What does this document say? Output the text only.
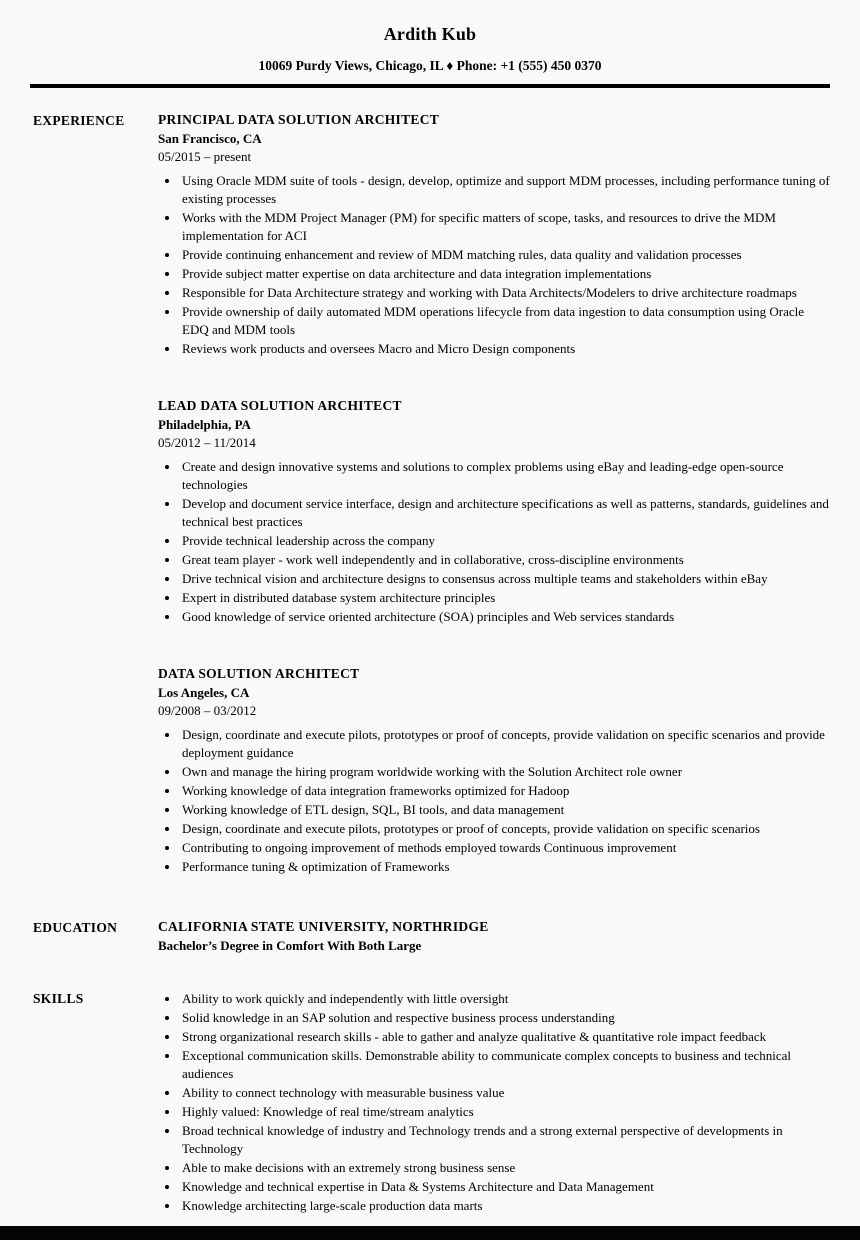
Ardith Kub
10069 Purdy Views, Chicago, IL ♦ Phone: +1 (555) 450 0370
EXPERIENCE	PRINCIPAL DATA SOLUTION ARCHITECT
San Francisco, CA
05/2015 – present
• Using Oracle MDM suite of tools - design, develop, optimize and support MDM processes, including performance tuning of existing processes
• Works with the MDM Project Manager (PM) for specific matters of scope, tasks, and resources to drive the MDM implementation for ACI
• Provide continuing enhancement and review of MDM matching rules, data quality and validation processes
• Provide subject matter expertise on data architecture and data integration implementations
• Responsible for Data Architecture strategy and working with Data Architects/Modelers to drive architecture roadmaps
• Provide ownership of daily automated MDM operations lifecycle from data ingestion to data consumption using Oracle EDQ and MDM tools
• Reviews work products and oversees Macro and Micro Design components
LEAD DATA SOLUTION ARCHITECT
Philadelphia, PA
05/2012 – 11/2014
• Create and design innovative systems and solutions to complex problems using eBay and leading-edge open-source technologies
• Develop and document service interface, design and architecture specifications as well as patterns, standards, guidelines and technical best practices
• Provide technical leadership across the company
• Great team player - work well independently and in collaborative, cross-discipline environments
• Drive technical vision and architecture designs to consensus across multiple teams and stakeholders within eBay
• Expert in distributed database system architecture principles
• Good knowledge of service oriented architecture (SOA) principles and Web services standards
DATA SOLUTION ARCHITECT
Los Angeles, CA
09/2008 – 03/2012
• Design, coordinate and execute pilots, prototypes or proof of concepts, provide validation on specific scenarios and provide deployment guidance
• Own and manage the hiring program worldwide working with the Solution Architect role owner
• Working knowledge of data integration frameworks optimized for Hadoop
• Working knowledge of ETL design, SQL, BI tools, and data management
• Design, coordinate and execute pilots, prototypes or proof of concepts, provide validation on specific scenarios
• Contributing to ongoing improvement of methods employed towards Continuous improvement
• Performance tuning & optimization of Frameworks
EDUCATION	CALIFORNIA STATE UNIVERSITY, NORTHRIDGE
Bachelor’s Degree in Comfort With Both Large
SKILLS	• Ability to work quickly and independently with little oversight
• Solid knowledge in an SAP solution and respective business process understanding
• Strong organizational research skills - able to gather and analyze qualitative & quantitative role impact feedback
• Exceptional communication skills. Demonstrable ability to communicate complex concepts to business and technical audiences
• Ability to connect technology with measurable business value
• Highly valued: Knowledge of real time/stream analytics
• Broad technical knowledge of industry and Technology trends and a strong external perspective of developments in Technology
• Able to make decisions with an extremely strong business sense
• Knowledge and technical expertise in Data & Systems Architecture and Data Management
• Knowledge architecting large-scale production data marts
